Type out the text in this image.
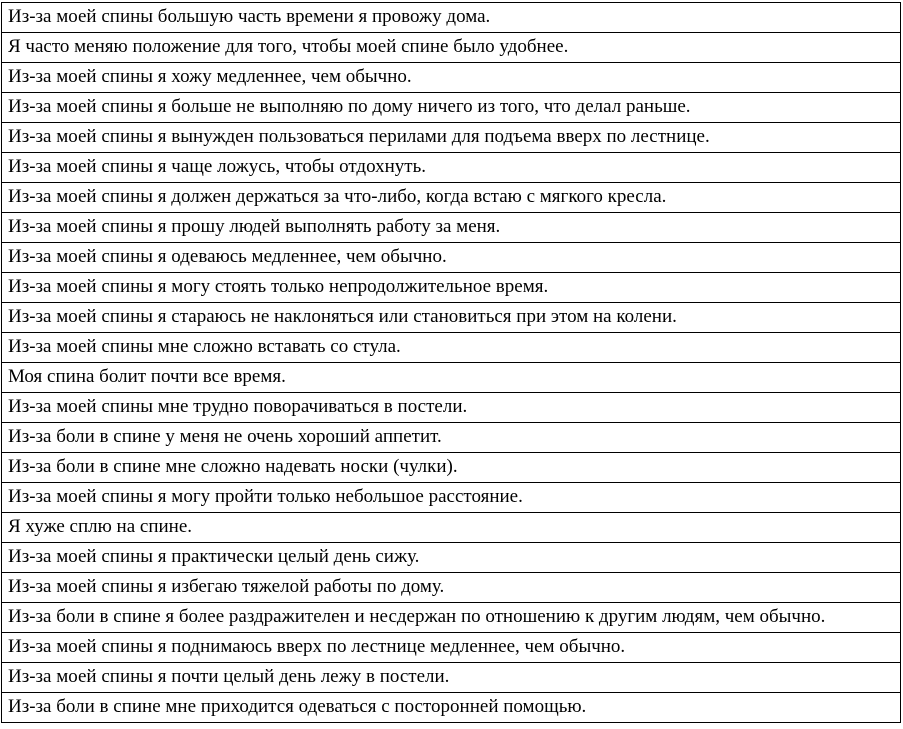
Из-за моей спины большую часть времени я провожу дома.
Я часто меняю положение для того, чтобы моей спине было удобнее.
Из-за моей спины я хожу медленнее, чем обычно.
Из-за моей спины я больше не выполняю по дому ничего из того, что делал раньше.
Из-за моей спины я вынужден пользоваться перилами для подъема вверх по лестнице.
Из-за моей спины я чаще ложусь, чтобы отдохнуть.
Из-за моей спины я должен держаться за что-либо, когда встаю с мягкого кресла.
Из-за моей спины я прошу людей выполнять работу за меня.
Из-за моей спины я одеваюсь медленнее, чем обычно.
Из-за моей спины я могу стоять только непродолжительное время.
Из-за моей спины я стараюсь не наклоняться или становиться при этом на колени.
Из-за моей спины мне сложно вставать со стула.
Моя спина болит почти все время.
Из-за моей спины мне трудно поворачиваться в постели.
Из-за боли в спине у меня не очень хороший аппетит.
Из-за боли в спине мне сложно надевать носки (чулки).
Из-за моей спины я могу пройти только небольшое расстояние.
Я хуже сплю на спине.
Из-за моей спины я практически целый день сижу.
Из-за моей спины я избегаю тяжелой работы по дому.
Из-за боли в спине я более раздражителен и несдержан по отношению к другим людям, чем обычно.
Из-за моей спины я поднимаюсь вверх по лестнице медленнее, чем обычно.
Из-за моей спины я почти целый день лежу в постели.
Из-за боли в спине мне приходится одеваться с посторонней помощью.
